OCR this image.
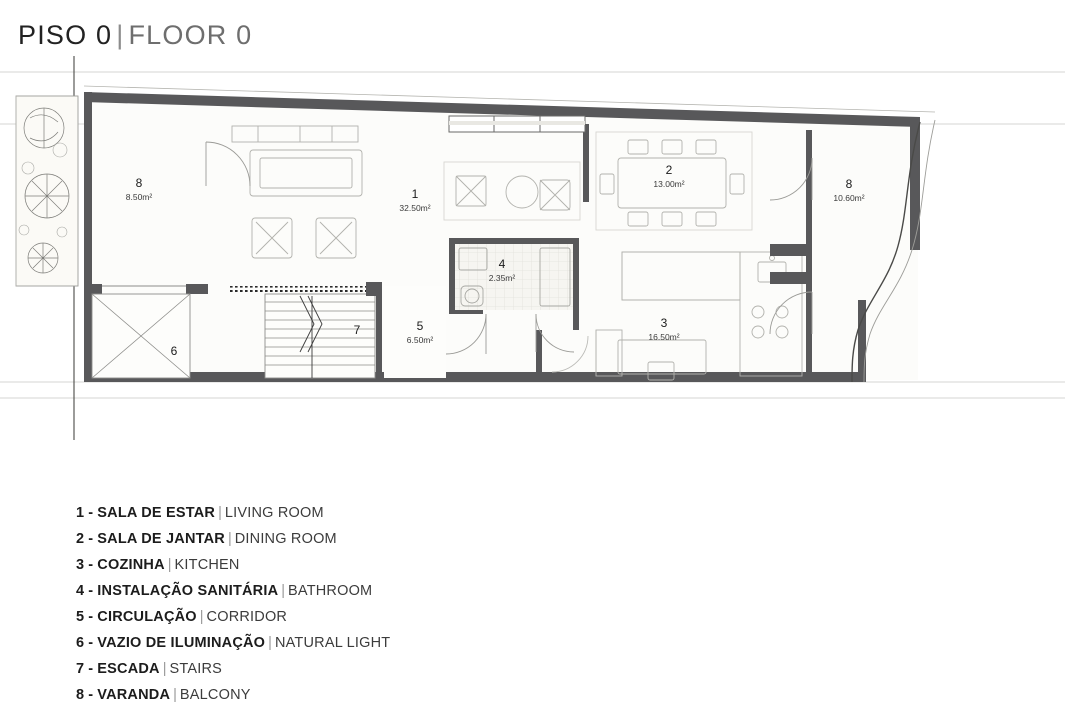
PISO 0 | FLOOR 0
8
8.50m²	1
32.50m²
2
13.00m²	8
10.60m²
4
2.35m²
3
16.50m²
5
6.50m²
7
6
1 - SALA DE ESTAR | LIVING ROOM
2 - SALA DE JANTAR | DINING ROOM
3 - COZINHA | KITCHEN
4 - INSTALAÇÃO SANITÁRIA | BATHROOM
5 - CIRCULAÇÃO | CORRIDOR
6 - VAZIO DE ILUMINAÇÃO | NATURAL LIGHT
7 - ESCADA | STAIRS
8 - VARANDA | BALCONY
